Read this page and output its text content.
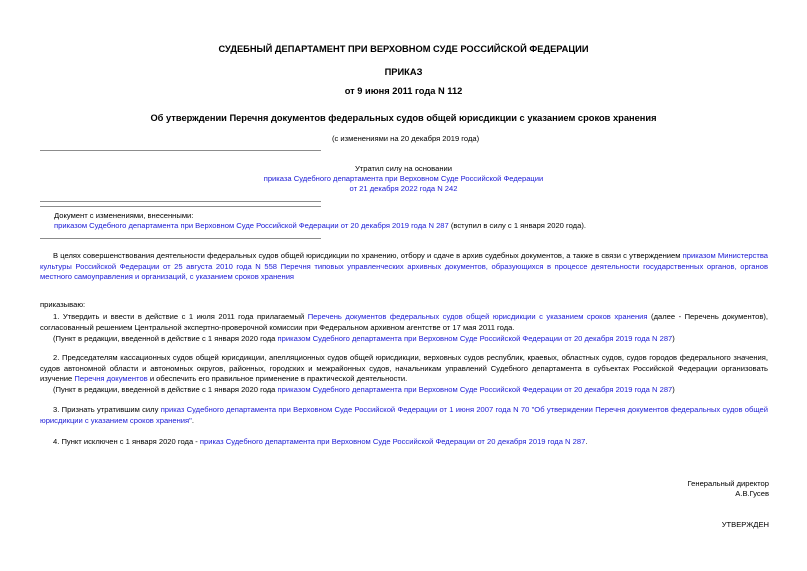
СУДЕБНЫЙ ДЕПАРТАМЕНТ ПРИ ВЕРХОВНОМ СУДЕ РОССИЙСКОЙ ФЕДЕРАЦИИ
ПРИКАЗ
от 9 июня 2011 года N 112
Об утверждении Перечня документов федеральных судов общей юрисдикции с указанием сроков хранения
(с изменениями на 20 декабря 2019 года)
Утратил силу на основании
приказа Судебного департамента при Верховном Суде Российской Федерации
от 21 декабря 2022 года N 242
Документ с изменениями, внесенными:
приказом Судебного департамента при Верховном Суде Российской Федерации от 20 декабря 2019 года N 287 (вступил в силу с 1 января 2020 года).
В целях совершенствования деятельности федеральных судов общей юрисдикции по хранению, отбору и сдаче в архив судебных документов, а также в связи с утверждением приказом Министерства культуры Российской Федерации от 25 августа 2010 года N 558 Перечня типовых управленческих архивных документов, образующихся в процессе деятельности государственных органов, органов местного самоуправления и организаций, с указанием сроков хранения
приказываю:
1. Утвердить и ввести в действие с 1 июля 2011 года прилагаемый Перечень документов федеральных судов общей юрисдикции с указанием сроков хранения (далее - Перечень документов), согласованный решением Центральной экспертно-проверочной комиссии при Федеральном архивном агентстве от 17 мая 2011 года.
(Пункт в редакции, введенной в действие с 1 января 2020 года приказом Судебного департамента при Верховном Суде Российской Федерации от 20 декабря 2019 года N 287)
2. Председателям кассационных судов общей юрисдикции, апелляционных судов общей юрисдикции, верховных судов республик, краевых, областных судов, судов городов федерального значения, судов автономной области и автономных округов, районных, городских и межрайонных судов, начальникам управлений Судебного департамента в субъектах Российской Федерации организовать изучение Перечня документов и обеспечить его правильное применение в практической деятельности.
(Пункт в редакции, введенной в действие с 1 января 2020 года приказом Судебного департамента при Верховном Суде Российской Федерации от 20 декабря 2019 года N 287)
3. Признать утратившим силу приказ Судебного департамента при Верховном Суде Российской Федерации от 1 июня 2007 года N 70 "Об утверждении Перечня документов федеральных судов общей юрисдикции с указанием сроков хранения".
4. Пункт исключен с 1 января 2020 года - приказ Судебного департамента при Верховном Суде Российской Федерации от 20 декабря 2019 года N 287.
Генеральный директор
А.В.Гусев
УТВЕРЖДЕН
